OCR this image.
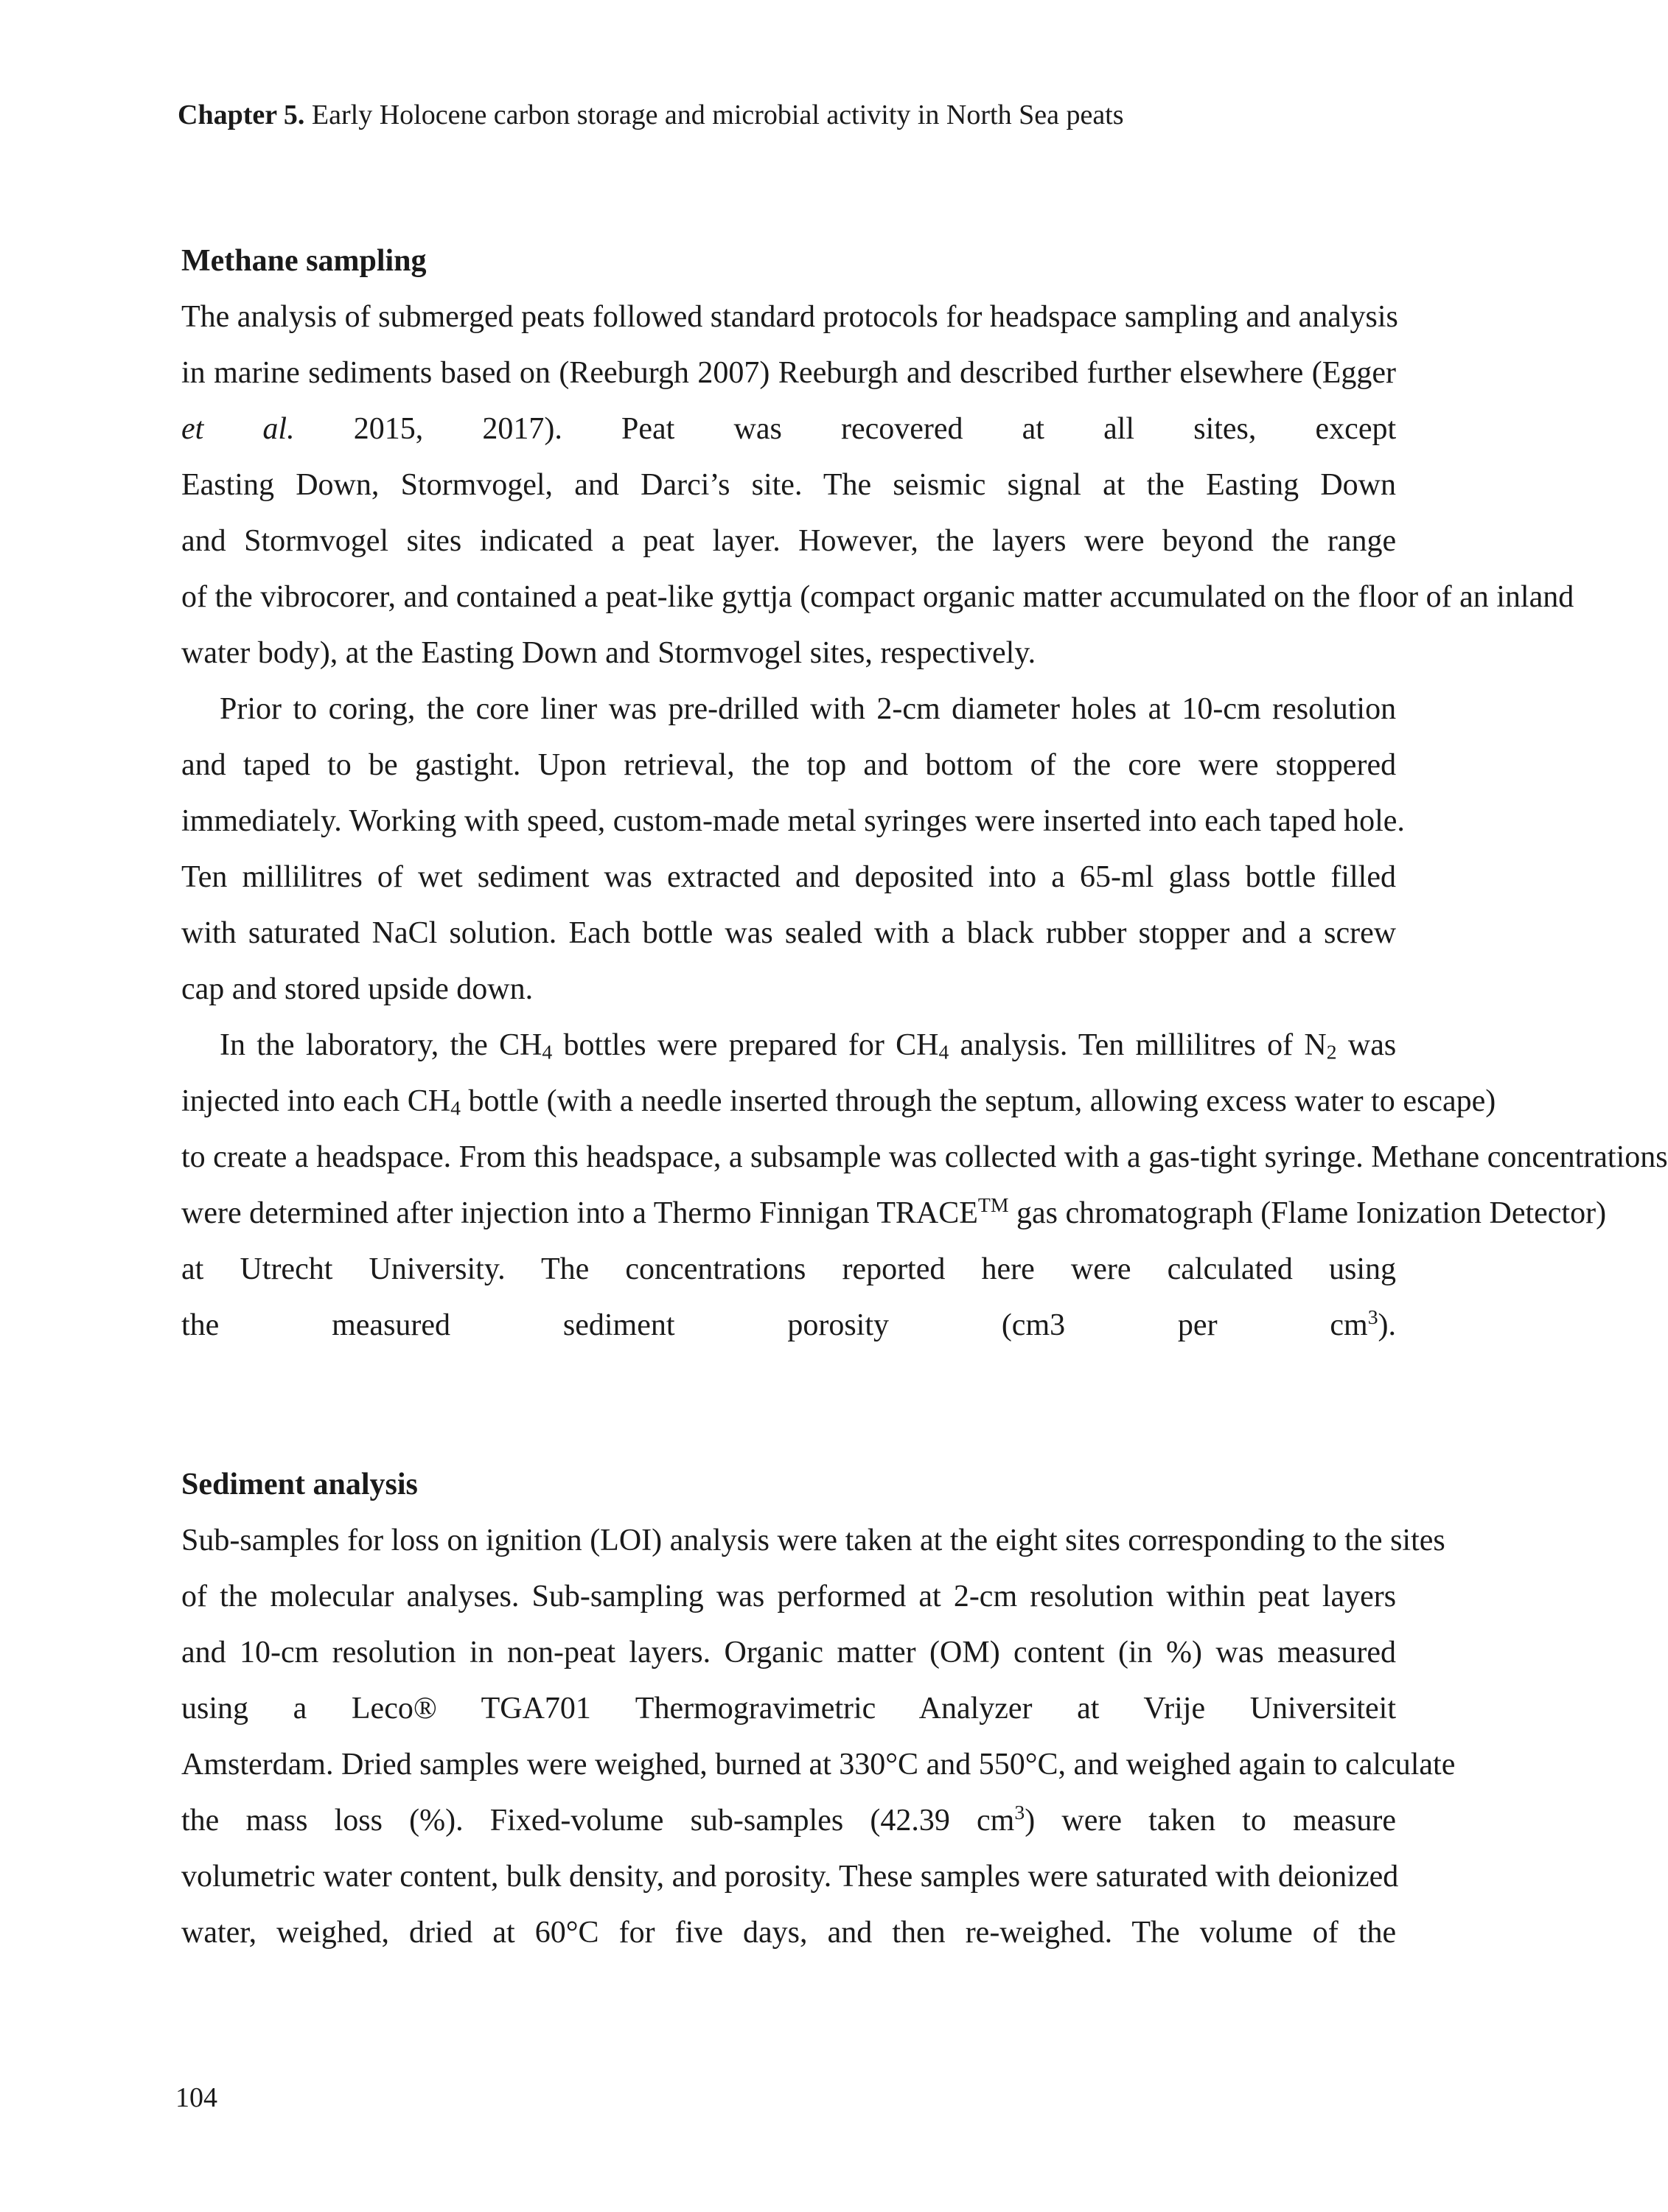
Chapter 5. Early Holocene carbon storage and microbial activity in North Sea peats
Methane sampling
The analysis of submerged peats followed standard protocols for headspace sampling and analysis
in marine sediments based on (Reeburgh 2007) Reeburgh and described further elsewhere (Egger
et al. 2015, 2017). Peat was recovered at all sites, except
Easting Down, Stormvogel, and Darci’s site. The seismic signal at the Easting Down
and Stormvogel sites indicated a peat layer. However, the layers were beyond the range
of the vibrocorer, and contained a peat-like gyttja (compact organic matter accumulated on the floor of an inland
water body), at the Easting Down and Stormvogel sites, respectively.
Prior to coring, the core liner was pre-drilled with 2-cm diameter holes at 10-cm resolution
and taped to be gastight. Upon retrieval, the top and bottom of the core were stoppered
immediately. Working with speed, custom-made metal syringes were inserted into each taped hole.
Ten millilitres of wet sediment was extracted and deposited into a 65-ml glass bottle filled
with saturated NaCl solution. Each bottle was sealed with a black rubber stopper and a screw
cap and stored upside down.
In the laboratory, the $CH_4$ bottles were prepared for $CH_4$ analysis. Ten millilitres of $N_2$ was
injected into each $CH_4$ bottle (with a needle inserted through the septum, allowing excess water to escape)
to create a headspace. From this headspace, a subsample was collected with a gas-tight syringe. Methane concentrations
were determined after injection into a Thermo Finnigan TRACE™ gas chromatograph (Flame Ionization Detector)
at Utrecht University. The concentrations reported here were calculated using
the	measured	sediment	porosity	(cm3	per	$cm^3$).
Sediment analysis
Sub-samples for loss on ignition (LOI) analysis were taken at the eight sites corresponding to the sites
of the molecular analyses. Sub-sampling was performed at 2-cm resolution within peat layers
and 10-cm resolution in non-peat layers. Organic matter (OM) content (in %) was measured
using a Leco® TGA701 Thermogravimetric Analyzer at Vrije Universiteit
Amsterdam. Dried samples were weighed, burned at 330°C and 550°C, and weighed again to calculate
the mass loss (%). Fixed-volume sub-samples (42.39 $cm^3$) were taken to measure
volumetric water content, bulk density, and porosity. These samples were saturated with deionized
water, weighed, dried at 60°C for five days, and then re-weighed. The volume of the
104
